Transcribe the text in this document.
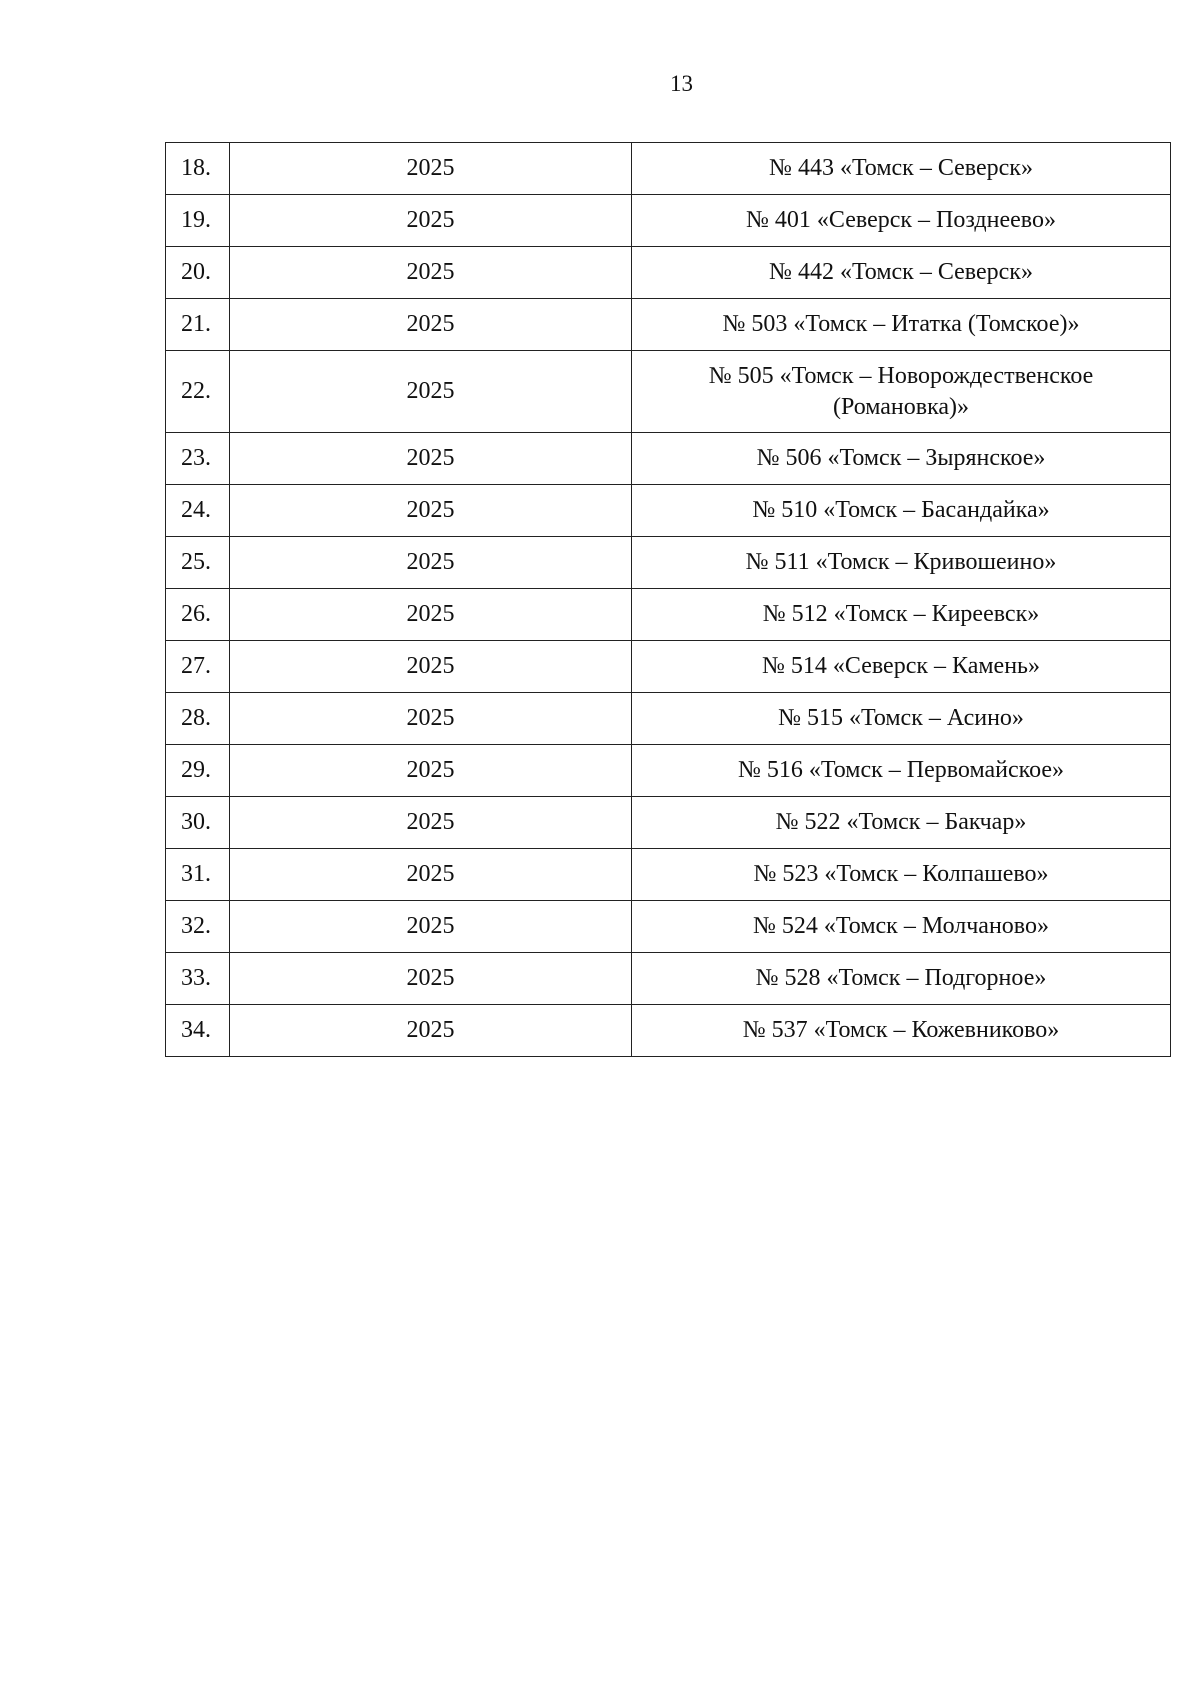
13
18.	2025	№ 443 «Томск – Северск»
19.	2025	№ 401 «Северск – Позднеево»
20.	2025	№ 442 «Томск – Северск»
21.	2025	№ 503 «Томск – Итатка (Томское)»
22.	2025	№ 505 «Томск – Новорождественское (Романовка)»
23.	2025	№ 506 «Томск – Зырянское»
24.	2025	№ 510 «Томск – Басандайка»
25.	2025	№ 511 «Томск – Кривошеино»
26.	2025	№ 512 «Томск – Киреевск»
27.	2025	№ 514 «Северск – Камень»
28.	2025	№ 515 «Томск – Асино»
29.	2025	№ 516 «Томск – Первомайское»
30.	2025	№ 522 «Томск – Бакчар»
31.	2025	№ 523 «Томск – Колпашево»
32.	2025	№ 524 «Томск – Молчаново»
33.	2025	№ 528 «Томск – Подгорное»
34.	2025	№ 537 «Томск – Кожевниково»
